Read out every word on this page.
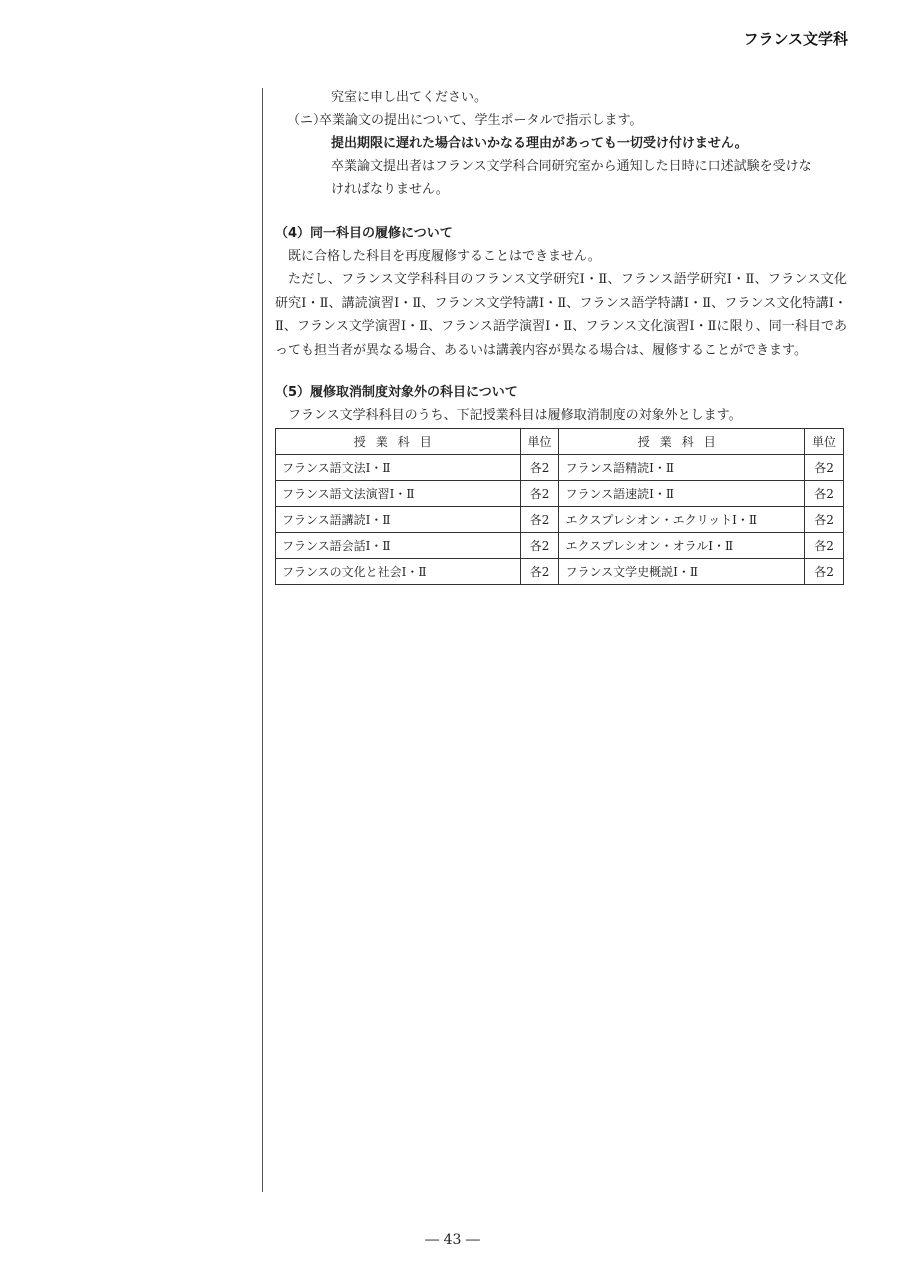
フランス文学科
究室に申し出てください。
（ニ）卒業論文の提出について、学生ポータルで指示します。
提出期限に遅れた場合はいかなる理由があっても一切受け付けません。
卒業論文提出者はフランス文学科合同研究室から通知した日時に口述試験を受けな
ければなりません。
（4）同一科目の履修について
既に合格した科目を再度履修することはできません。
ただし、フランス文学科科目のフランス文学研究Ⅰ・Ⅱ、フランス語学研究Ⅰ・Ⅱ、フランス文化研究Ⅰ・Ⅱ、講読演習Ⅰ・Ⅱ、フランス文学特講Ⅰ・Ⅱ、フランス語学特講Ⅰ・Ⅱ、フランス文化特講Ⅰ・Ⅱ、フランス文学演習Ⅰ・Ⅱ、フランス語学演習Ⅰ・Ⅱ、フランス文化演習Ⅰ・Ⅱに限り、同一科目であっても担当者が異なる場合、あるいは講義内容が異なる場合は、履修することができます。
（5）履修取消制度対象外の科目について
フランス文学科科目のうち、下記授業科目は履修取消制度の対象外とします。
授業科目	単位	授業科目	単位
フランス語文法Ⅰ・Ⅱ	各2	フランス語精読Ⅰ・Ⅱ	各2
フランス語文法演習Ⅰ・Ⅱ	各2	フランス語速読Ⅰ・Ⅱ	各2
フランス語講読Ⅰ・Ⅱ	各2	エクスプレシオン・エクリットⅠ・Ⅱ	各2
フランス語会話Ⅰ・Ⅱ	各2	エクスプレシオン・オラルⅠ・Ⅱ	各2
フランスの文化と社会Ⅰ・Ⅱ	各2	フランス文学史概説Ⅰ・Ⅱ	各2
― 43 ―
